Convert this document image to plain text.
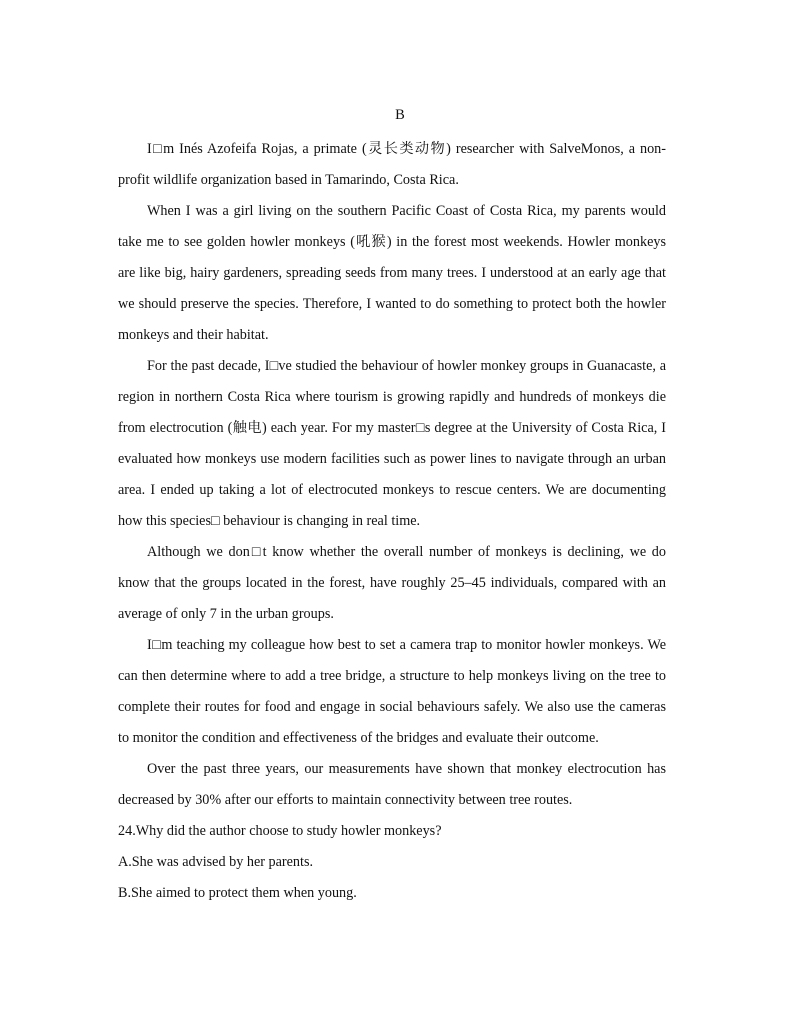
B

I□m Inés Azofeifa Rojas, a primate (灵长类动物) researcher with SalveMonos, a non-profit wildlife organization based in Tamarindo, Costa Rica.

When I was a girl living on the southern Pacific Coast of Costa Rica, my parents would take me to see golden howler monkeys (吼猴) in the forest most weekends. Howler monkeys are like big, hairy gardeners, spreading seeds from many trees. I understood at an early age that we should preserve the species. Therefore, I wanted to do something to protect both the howler monkeys and their habitat.

For the past decade, I□ve studied the behaviour of howler monkey groups in Guanacaste, a region in northern Costa Rica where tourism is growing rapidly and hundreds of monkeys die from electrocution (触电) each year. For my master□s degree at the University of Costa Rica, I evaluated how monkeys use modern facilities such as power lines to navigate through an urban area. I ended up taking a lot of electrocuted monkeys to rescue centers. We are documenting how this species□ behaviour is changing in real time.

Although we don□t know whether the overall number of monkeys is declining, we do know that the groups located in the forest, have roughly 25–45 individuals, compared with an average of only 7 in the urban groups.

I□m teaching my colleague how best to set a camera trap to monitor howler monkeys. We can then determine where to add a tree bridge, a structure to help monkeys living on the tree to complete their routes for food and engage in social behaviours safely. We also use the cameras to monitor the condition and effectiveness of the bridges and evaluate their outcome.

Over the past three years, our measurements have shown that monkey electrocution has decreased by 30% after our efforts to maintain connectivity between tree routes.

24.Why did the author choose to study howler monkeys?

A.She was advised by her parents.

B.She aimed to protect them when young.
